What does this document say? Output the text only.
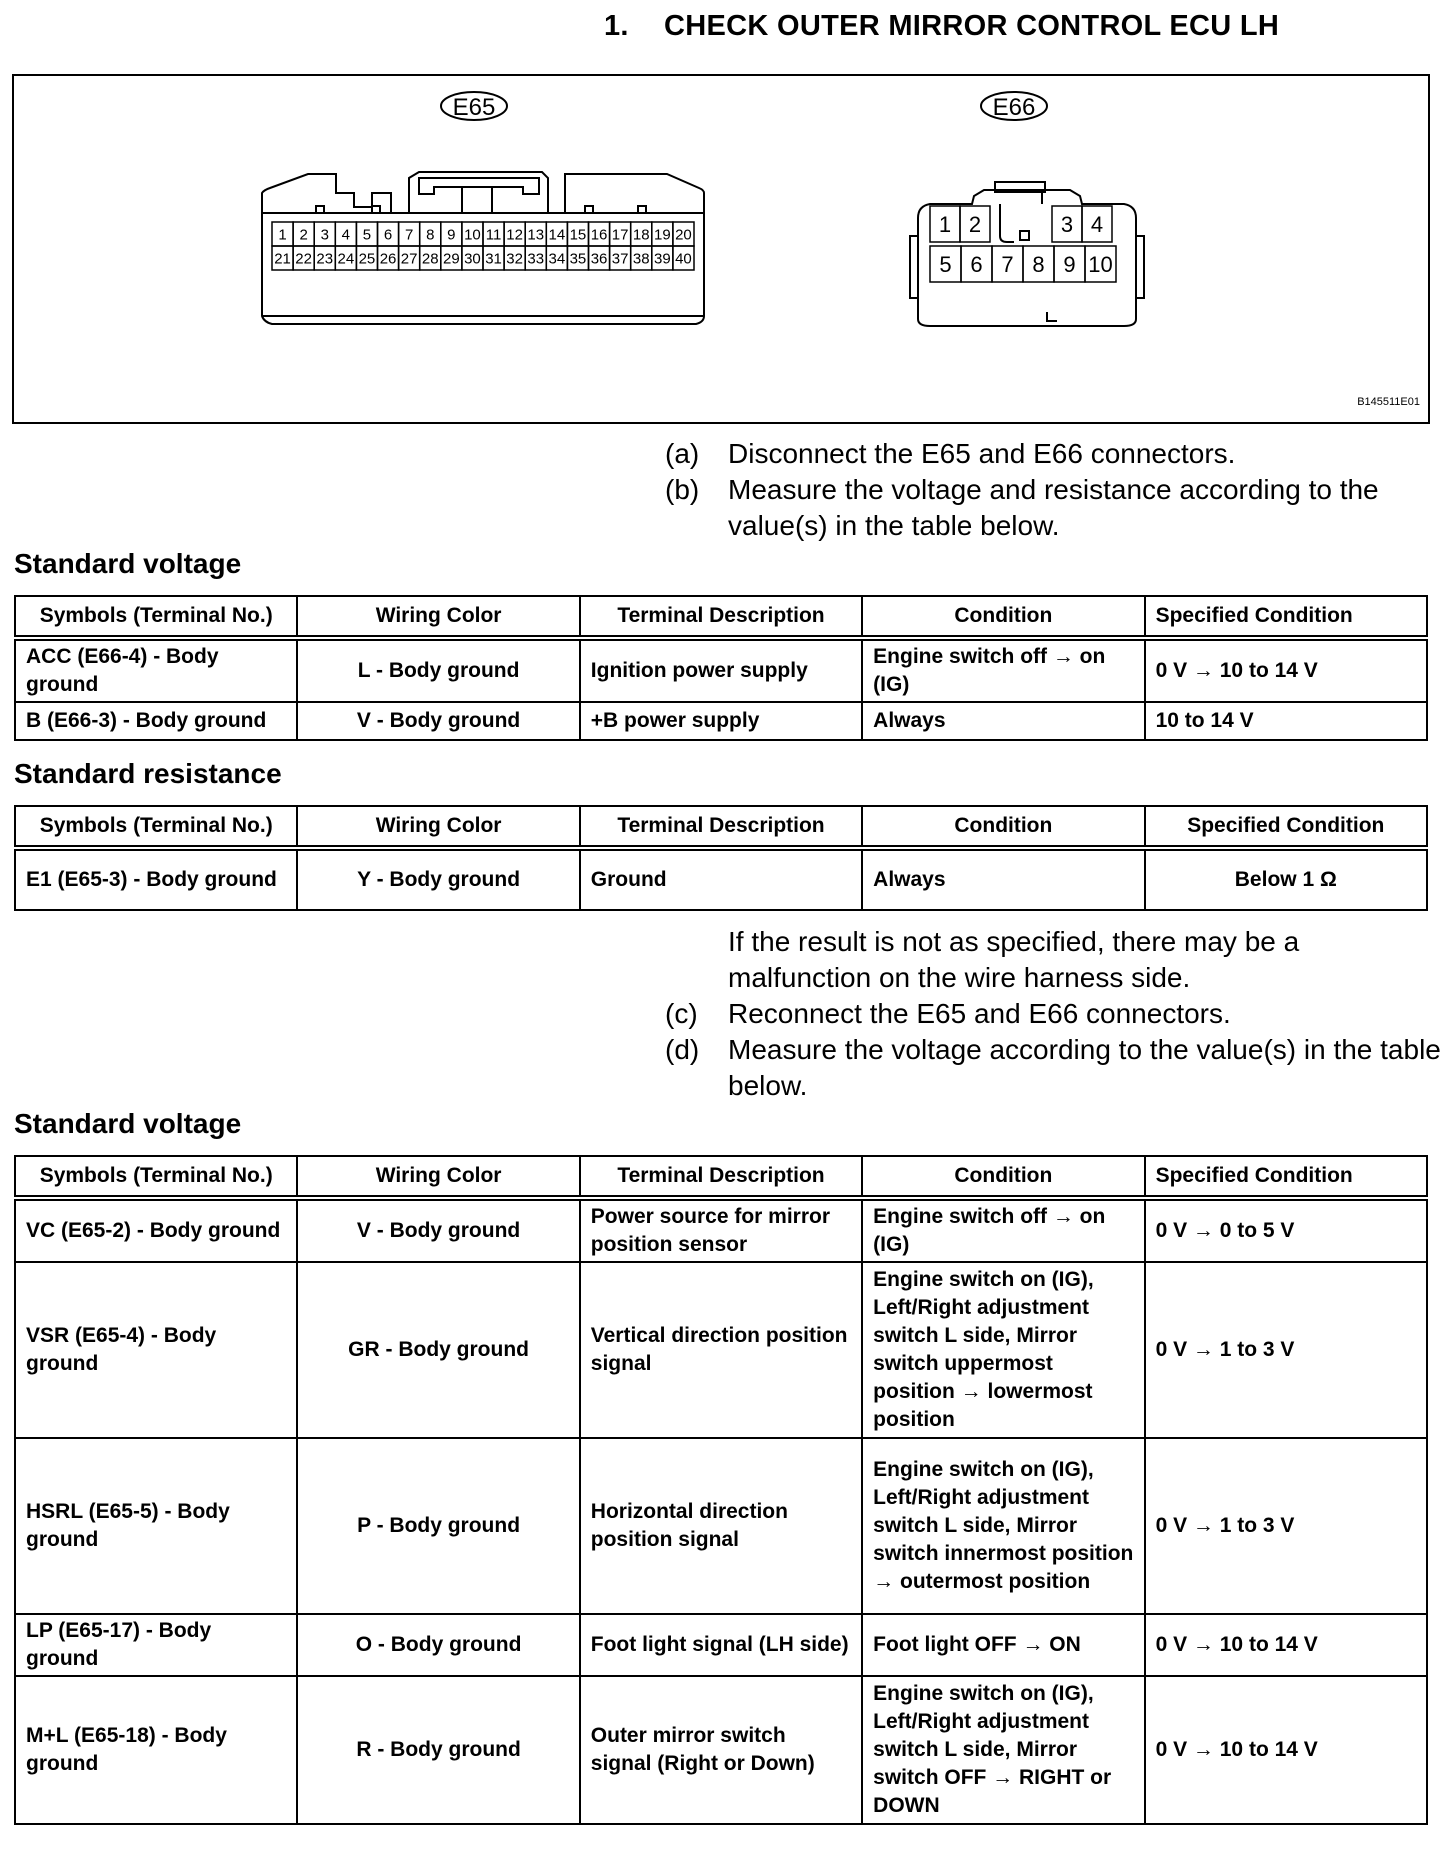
1. CHECK OUTER MIRROR CONTROL ECU LH
E65
1 2 3 4 5 6 7 8 9 10 11 12 13 14 15 16 17 18 19 20
21 22 23 24 25 26 27 28 29 30 31 32 33 34 35 36 37 38 39 40
E66
1 2	3 4
5 6 7 8 9 10
B145511E01
(a)	Disconnect the E65 and E66 connectors.
(b)	Measure the voltage and resistance according to the value(s) in the table below.
Standard voltage
Symbols (Terminal No.)	Wiring Color	Terminal Description	Condition	Specified Condition
ACC (E66-4) - Body ground	L - Body ground	Ignition power supply	Engine switch off → on (IG)	0 V → 10 to 14 V
B (E66-3) - Body ground	V - Body ground	+B power supply	Always	10 to 14 V
Standard resistance
Symbols (Terminal No.)	Wiring Color	Terminal Description	Condition	Specified Condition
E1 (E65-3) - Body ground	Y - Body ground	Ground	Always	Below 1 Ω
If the result is not as specified, there may be a malfunction on the wire harness side.
(c)	Reconnect the E65 and E66 connectors.
(d)	Measure the voltage according to the value(s) in the table below.
Standard voltage
Symbols (Terminal No.)	Wiring Color	Terminal Description	Condition	Specified Condition
VC (E65-2) - Body ground	V - Body ground	Power source for mirror position sensor	Engine switch off → on (IG)	0 V → 0 to 5 V
VSR (E65-4) - Body ground	GR - Body ground	Vertical direction position signal	Engine switch on (IG), Left/Right adjustment switch L side, Mirror switch uppermost position → lowermost position	0 V → 1 to 3 V
HSRL (E65-5) - Body ground	P - Body ground	Horizontal direction position signal	Engine switch on (IG), Left/Right adjustment switch L side, Mirror switch innermost position → outermost position	0 V → 1 to 3 V
LP (E65-17) - Body ground	O - Body ground	Foot light signal (LH side)	Foot light OFF → ON	0 V → 10 to 14 V
M+L (E65-18) - Body ground	R - Body ground	Outer mirror switch signal (Right or Down)	Engine switch on (IG), Left/Right adjustment switch L side, Mirror switch OFF → RIGHT or DOWN	0 V → 10 to 14 V
